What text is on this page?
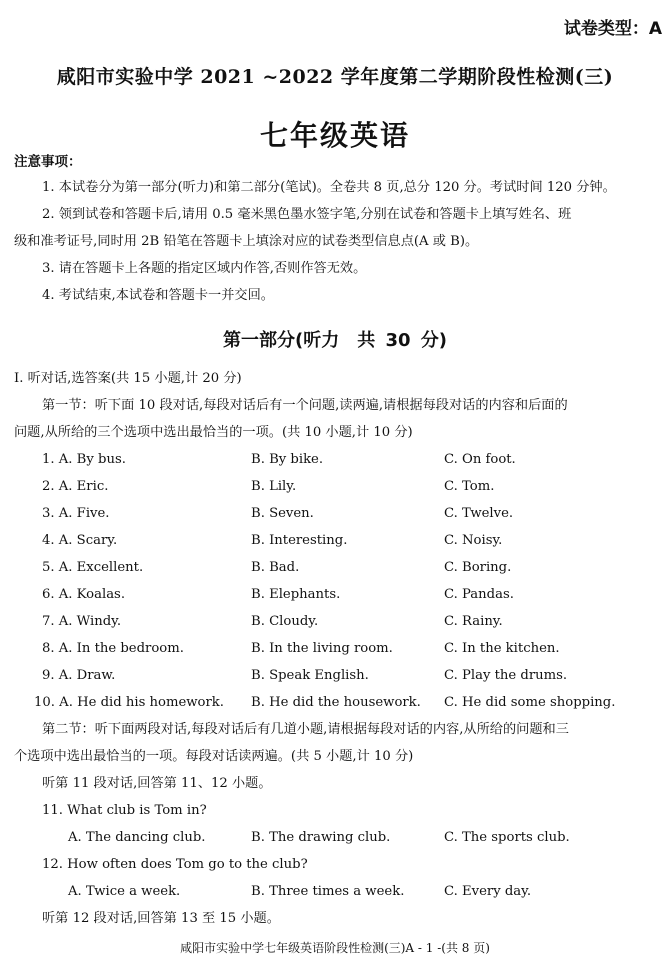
试卷类型：A
咸阳市实验中学 2021 ~2022 学年度第二学期阶段性检测(三)
七年级英语
注意事项：
1. 本试卷分为第一部分(听力)和第二部分(笔试)。全卷共 8 页,总分 120 分。考试时间 120 分钟。
2. 领到试卷和答题卡后,请用 0.5 毫米黑色墨水签字笔,分别在试卷和答题卡上填写姓名、班
级和准考证号,同时用 2B 铅笔在答题卡上填涂对应的试卷类型信息点(A 或 B)。
3. 请在答题卡上各题的指定区域内作答,否则作答无效。
4. 考试结束,本试卷和答题卡一并交回。
第一部分(听力　共 30 分)
Ⅰ. 听对话,选答案(共 15 小题,计 20 分)
第一节：听下面 10 段对话,每段对话后有一个问题,读两遍,请根据每段对话的内容和后面的
问题,从所给的三个选项中选出最恰当的一项。(共 10 小题,计 10 分)
1. A. By bus.	B. By bike.	C. On foot.
2. A. Eric.	B. Lily.	C. Tom.
3. A. Five.	B. Seven.	C. Twelve.
4. A. Scary.	B. Interesting.	C. Noisy.
5. A. Excellent.	B. Bad.	C. Boring.
6. A. Koalas.	B. Elephants.	C. Pandas.
7. A. Windy.	B. Cloudy.	C. Rainy.
8. A. In the bedroom.	B. In the living room.	C. In the kitchen.
9. A. Draw.	B. Speak English.	C. Play the drums.
10. A. He did his homework. B. He did the housework. C. He did some shopping.
第二节：听下面两段对话,每段对话后有几道小题,请根据每段对话的内容,从所给的问题和三
个选项中选出最恰当的一项。每段对话读两遍。(共 5 小题,计 10 分)
听第 11 段对话,回答第 11、12 小题。
11. What club is Tom in?
A. The dancing club.	B. The drawing club.	C. The sports club.
12. How often does Tom go to the club?
A. Twice a week.	B. Three times a week.	C. Every day.
听第 12 段对话,回答第 13 至 15 小题。
咸阳市实验中学七年级英语阶段性检测(三)A - 1 -(共 8 页)
